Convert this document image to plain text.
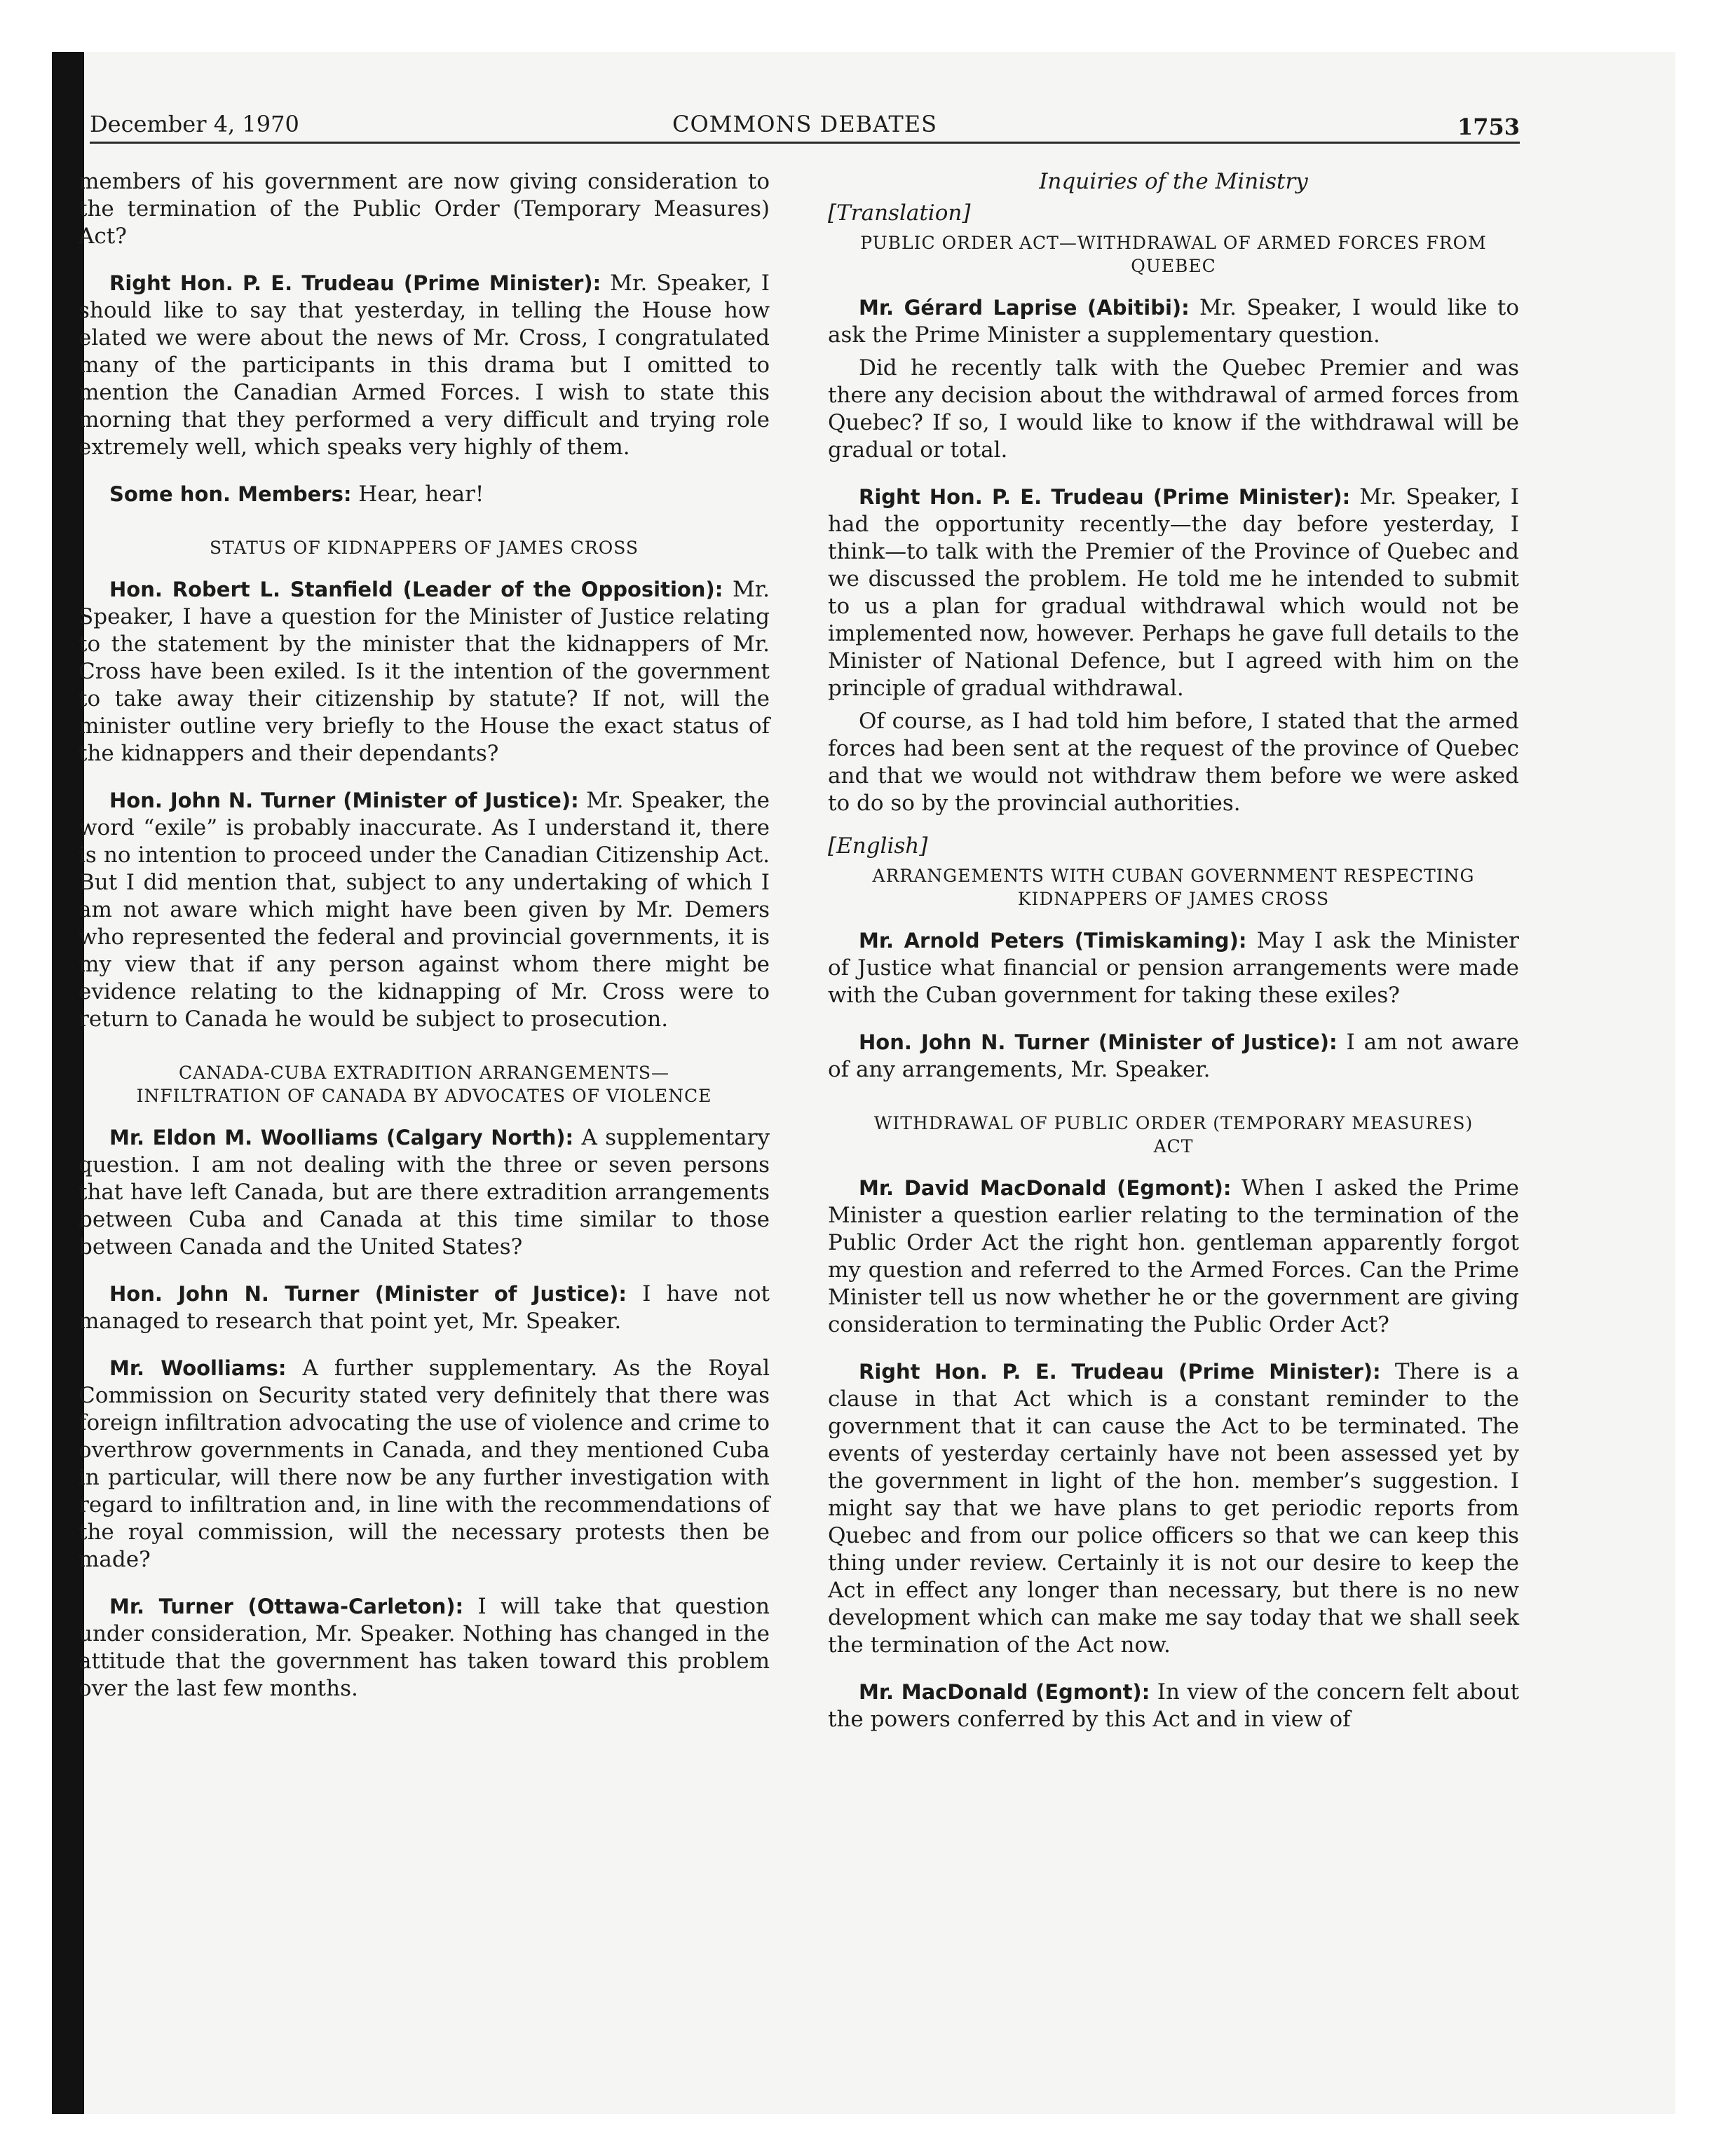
December 4, 1970	COMMONS DEBATES	1753

members of his government are now giving consideration to the termination of the Public Order (Temporary Measures) Act?

Right Hon. P. E. Trudeau (Prime Minister): Mr. Speaker, I should like to say that yesterday, in telling the House how elated we were about the news of Mr. Cross, I congratulated many of the participants in this drama but I omitted to mention the Canadian Armed Forces. I wish to state this morning that they performed a very difficult and trying role extremely well, which speaks very highly of them.

Some hon. Members: Hear, hear!

STATUS OF KIDNAPPERS OF JAMES CROSS

Hon. Robert L. Stanfield (Leader of the Opposition): Mr. Speaker, I have a question for the Minister of Justice relating to the statement by the minister that the kidnappers of Mr. Cross have been exiled. Is it the intention of the government to take away their citizenship by statute? If not, will the minister outline very briefly to the House the exact status of the kidnappers and their dependants?

Hon. John N. Turner (Minister of Justice): Mr. Speaker, the word “exile” is probably inaccurate. As I understand it, there is no intention to proceed under the Canadian Citizenship Act. But I did mention that, subject to any undertaking of which I am not aware which might have been given by Mr. Demers who represented the federal and provincial governments, it is my view that if any person against whom there might be evidence relating to the kidnapping of Mr. Cross were to return to Canada he would be subject to prosecution.

CANADA-CUBA EXTRADITION ARRANGEMENTS— INFILTRATION OF CANADA BY ADVOCATES OF VIOLENCE

Mr. Eldon M. Woolliams (Calgary North): A supplementary question. I am not dealing with the three or seven persons that have left Canada, but are there extradition arrangements between Cuba and Canada at this time similar to those between Canada and the United States?

Hon. John N. Turner (Minister of Justice): I have not managed to research that point yet, Mr. Speaker.

Mr. Woolliams: A further supplementary. As the Royal Commission on Security stated very definitely that there was foreign infiltration advocating the use of violence and crime to overthrow governments in Canada, and they mentioned Cuba in particular, will there now be any further investigation with regard to infiltration and, in line with the recommendations of the royal commission, will the necessary protests then be made?

Mr. Turner (Ottawa-Carleton): I will take that question under consideration, Mr. Speaker. Nothing has changed in the attitude that the government has taken toward this problem over the last few months.

Inquiries of the Ministry
[Translation]
PUBLIC ORDER ACT—WITHDRAWAL OF ARMED FORCES FROM QUEBEC

Mr. Gérard Laprise (Abitibi): Mr. Speaker, I would like to ask the Prime Minister a supplementary question.

Did he recently talk with the Quebec Premier and was there any decision about the withdrawal of armed forces from Quebec? If so, I would like to know if the withdrawal will be gradual or total.

Right Hon. P. E. Trudeau (Prime Minister): Mr. Speaker, I had the opportunity recently—the day before yesterday, I think—to talk with the Premier of the Province of Quebec and we discussed the problem. He told me he intended to submit to us a plan for gradual withdrawal which would not be implemented now, however. Perhaps he gave full details to the Minister of National Defence, but I agreed with him on the principle of gradual withdrawal.

Of course, as I had told him before, I stated that the armed forces had been sent at the request of the province of Quebec and that we would not withdraw them before we were asked to do so by the provincial authorities.

[English]
ARRANGEMENTS WITH CUBAN GOVERNMENT RESPECTING KIDNAPPERS OF JAMES CROSS

Mr. Arnold Peters (Timiskaming): May I ask the Minister of Justice what financial or pension arrangements were made with the Cuban government for taking these exiles?

Hon. John N. Turner (Minister of Justice): I am not aware of any arrangements, Mr. Speaker.

WITHDRAWAL OF PUBLIC ORDER (TEMPORARY MEASURES) ACT

Mr. David MacDonald (Egmont): When I asked the Prime Minister a question earlier relating to the termination of the Public Order Act the right hon. gentleman apparently forgot my question and referred to the Armed Forces. Can the Prime Minister tell us now whether he or the government are giving consideration to terminating the Public Order Act?

Right Hon. P. E. Trudeau (Prime Minister): There is a clause in that Act which is a constant reminder to the government that it can cause the Act to be terminated. The events of yesterday certainly have not been assessed yet by the government in light of the hon. member’s suggestion. I might say that we have plans to get periodic reports from Quebec and from our police officers so that we can keep this thing under review. Certainly it is not our desire to keep the Act in effect any longer than necessary, but there is no new development which can make me say today that we shall seek the termination of the Act now.

Mr. MacDonald (Egmont): In view of the concern felt about the powers conferred by this Act and in view of
